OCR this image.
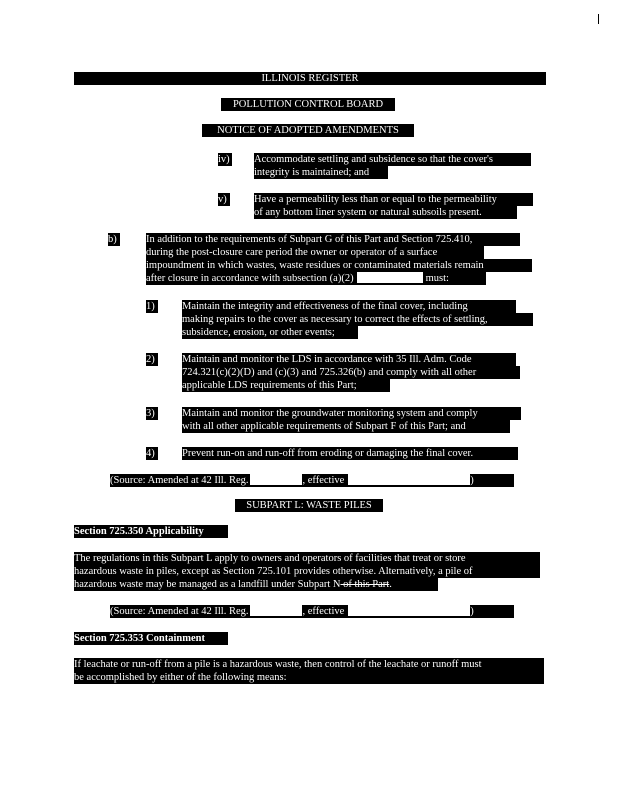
ILLINOIS REGISTER
POLLUTION CONTROL BOARD
NOTICE OF ADOPTED AMENDMENTS
iv) Accommodate settling and subsidence so that the cover's
integrity is maintained; and
v)	Have a permeability less than or equal to the permeability
of any bottom liner system or natural subsoils present.
b)	In addition to the requirements of Subpart G of this Part and Section 725.410,
during the post-closure care period the owner or operator of a surface
impoundment in which wastes, waste residues or contaminated materials remain
after closure in accordance with subsection (a)(2)	must:
1)	Maintain the integrity and effectiveness of the final cover, including
making repairs to the cover as necessary to correct the effects of settling,
subsidence, erosion, or other events;
2)	Maintain and monitor the LDS in accordance with 35 Ill. Adm. Code
724.321(c)(2)(D) and (c)(3) and 725.326(b) and comply with all other
applicable LDS requirements of this Part;
3)	Maintain and monitor the groundwater monitoring system and comply
with all other applicable requirements of Subpart F of this Part; and
4)	Prevent run-on and run-off from eroding or damaging the final cover.
(Source: Amended at 42 Ill. Reg.	, effective	)
SUBPART L: WASTE PILES
Section 725.350 Applicability
The regulations in this Subpart L apply to owners and operators of facilities that treat or store
hazardous waste in piles, except as Section 725.101 provides otherwise. Alternatively, a pile of
hazardous waste may be managed as a landfill under Subpart N of this Part.
(Source: Amended at 42 Ill. Reg.	, effective	)
Section 725.353 Containment
If leachate or run-off from a pile is a hazardous waste, then control of the leachate or runoff must
be accomplished by either of the following means:
